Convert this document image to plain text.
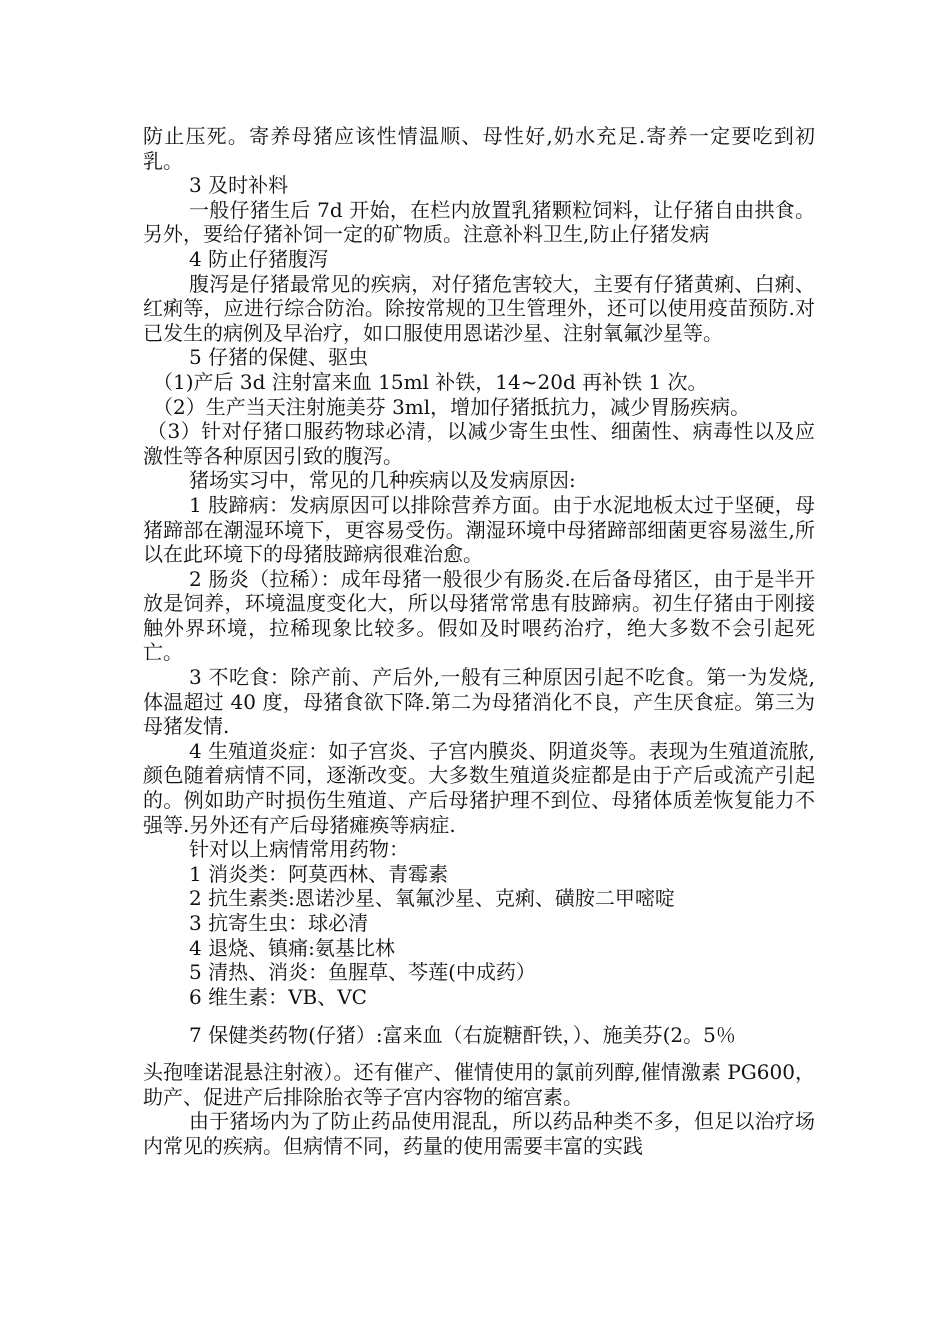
防止压死。寄养母猪应该性情温顺、母性好,奶水充足.寄养一定要吃到初乳。

3 及时补料

一般仔猪生后 7d 开始，在栏内放置乳猪颗粒饲料，让仔猪自由拱食。另外，要给仔猪补饲一定的矿物质。注意补料卫生,防止仔猪发病

4 防止仔猪腹泻

腹泻是仔猪最常见的疾病，对仔猪危害较大，主要有仔猪黄痢、白痢、红痢等，应进行综合防治。除按常规的卫生管理外，还可以使用疫苗预防.对已发生的病例及早治疗，如口服使用恩诺沙星、注射氧氟沙星等。

5 仔猪的保健、驱虫

（1)产后 3d 注射富来血 15ml 补铁，14~20d 再补铁 1 次。

（2）生产当天注射施美芬 3ml，增加仔猪抵抗力，减少胃肠疾病。

（3）针对仔猪口服药物球必清，以减少寄生虫性、细菌性、病毒性以及应激性等各种原因引致的腹泻。

猪场实习中，常见的几种疾病以及发病原因:

1 肢蹄病：发病原因可以排除营养方面。由于水泥地板太过于坚硬，母猪蹄部在潮湿环境下，更容易受伤。潮湿环境中母猪蹄部细菌更容易滋生,所以在此环境下的母猪肢蹄病很难治愈。

2 肠炎（拉稀）：成年母猪一般很少有肠炎.在后备母猪区，由于是半开放是饲养，环境温度变化大，所以母猪常常患有肢蹄病。初生仔猪由于刚接触外界环境，拉稀现象比较多。假如及时喂药治疗，绝大多数不会引起死亡。

3 不吃食：除产前、产后外,一般有三种原因引起不吃食。第一为发烧,体温超过 40 度，母猪食欲下降.第二为母猪消化不良，产生厌食症。第三为母猪发情.

4 生殖道炎症：如子宫炎、子宫内膜炎、阴道炎等。表现为生殖道流脓,颜色随着病情不同，逐渐改变。大多数生殖道炎症都是由于产后或流产引起的。例如助产时损伤生殖道、产后母猪护理不到位、母猪体质差恢复能力不强等.另外还有产后母猪瘫痪等病症.

针对以上病情常用药物：

1 消炎类：阿莫西林、青霉素

2 抗生素类:恩诺沙星、氧氟沙星、克痢、磺胺二甲嘧啶

3 抗寄生虫：球必清

4 退烧、镇痛:氨基比林

5 清热、消炎：鱼腥草、芩莲(中成药）

6 维生素：VB、VC

7 保健类药物(仔猪）:富来血（右旋糖酐铁，）、施美芬(2。5％

头孢喹诺混悬注射液）。还有催产、催情使用的氯前列醇,催情激素 PG600，助产、促进产后排除胎衣等子宫内容物的缩宫素。

由于猪场内为了防止药品使用混乱，所以药品种类不多，但足以治疗场内常见的疾病。但病情不同，药量的使用需要丰富的实践
